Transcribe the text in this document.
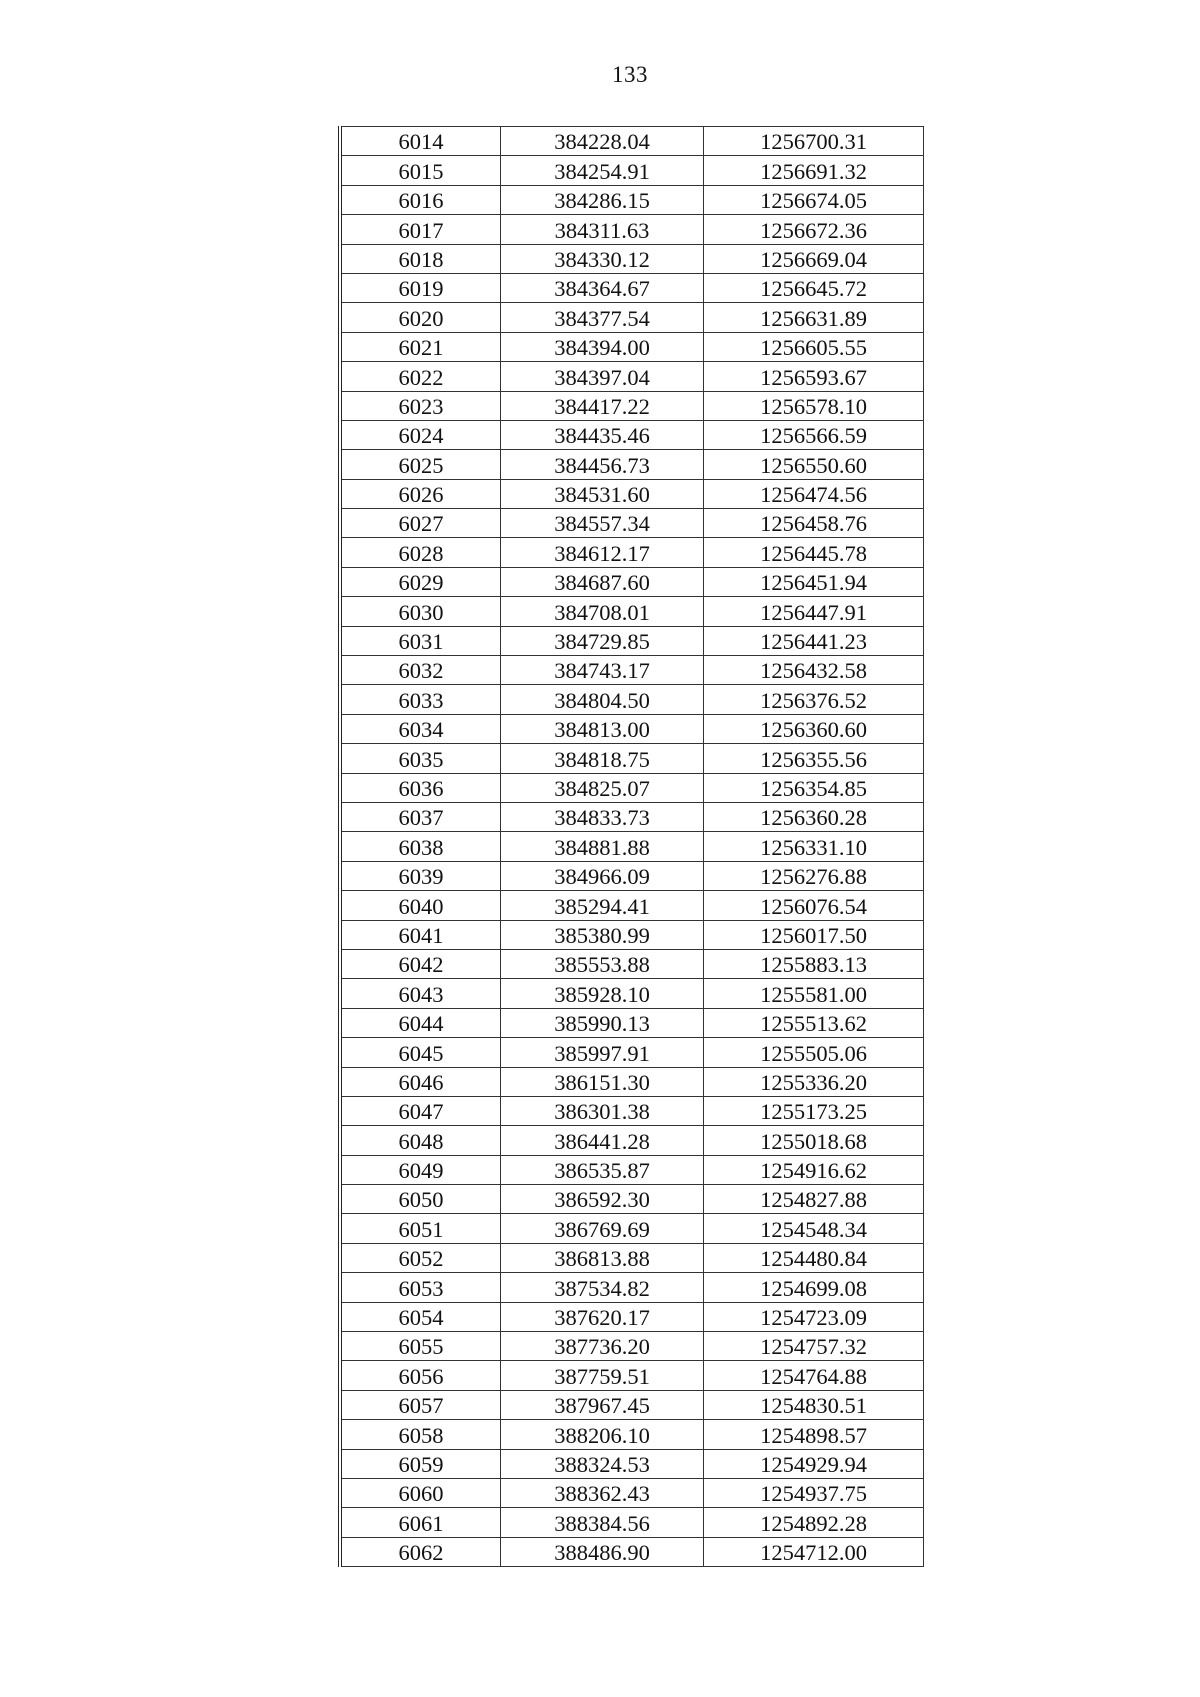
133
6014	384228.04	1256700.31
6015	384254.91	1256691.32
6016	384286.15	1256674.05
6017	384311.63	1256672.36
6018	384330.12	1256669.04
6019	384364.67	1256645.72
6020	384377.54	1256631.89
6021	384394.00	1256605.55
6022	384397.04	1256593.67
6023	384417.22	1256578.10
6024	384435.46	1256566.59
6025	384456.73	1256550.60
6026	384531.60	1256474.56
6027	384557.34	1256458.76
6028	384612.17	1256445.78
6029	384687.60	1256451.94
6030	384708.01	1256447.91
6031	384729.85	1256441.23
6032	384743.17	1256432.58
6033	384804.50	1256376.52
6034	384813.00	1256360.60
6035	384818.75	1256355.56
6036	384825.07	1256354.85
6037	384833.73	1256360.28
6038	384881.88	1256331.10
6039	384966.09	1256276.88
6040	385294.41	1256076.54
6041	385380.99	1256017.50
6042	385553.88	1255883.13
6043	385928.10	1255581.00
6044	385990.13	1255513.62
6045	385997.91	1255505.06
6046	386151.30	1255336.20
6047	386301.38	1255173.25
6048	386441.28	1255018.68
6049	386535.87	1254916.62
6050	386592.30	1254827.88
6051	386769.69	1254548.34
6052	386813.88	1254480.84
6053	387534.82	1254699.08
6054	387620.17	1254723.09
6055	387736.20	1254757.32
6056	387759.51	1254764.88
6057	387967.45	1254830.51
6058	388206.10	1254898.57
6059	388324.53	1254929.94
6060	388362.43	1254937.75
6061	388384.56	1254892.28
6062	388486.90	1254712.00
